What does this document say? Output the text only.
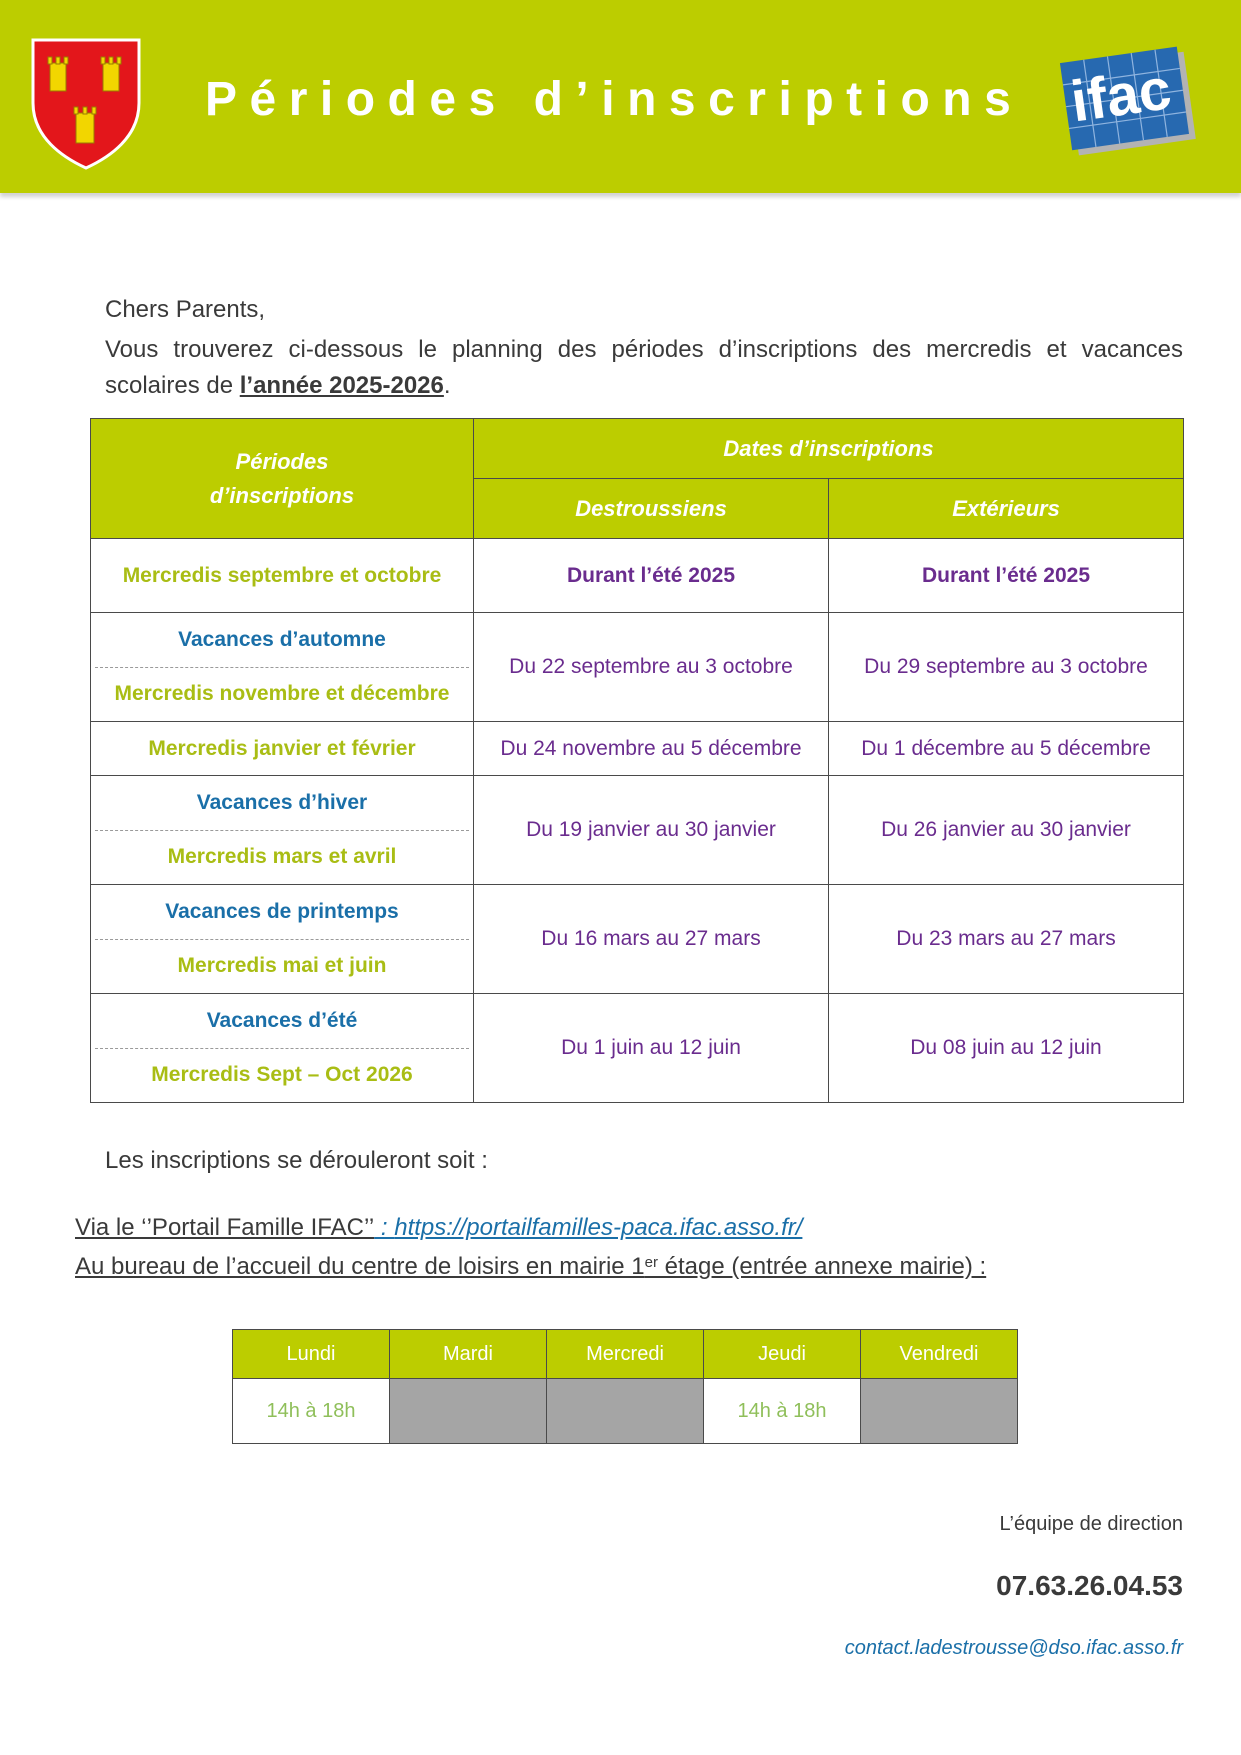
Périodes d’inscriptions ifac
Chers Parents,
Vous trouverez ci-dessous le planning des périodes d’inscriptions des mercredis et vacances scolaires de l’année 2025-2026.
Périodes
d’inscriptions	Dates d’inscriptions	
	Destroussiens	Extérieurs
Mercredis septembre et octobre	Durant l’été 2025	Durant l’été 2025

Vacances d’automne
Mercredis novembre et décembre	Du 22 septembre au 3 octobre	Du 29 septembre au 3 octobre
Mercredis janvier et février	Du 24 novembre au 5 décembre	Du 1 décembre au 5 décembre

Vacances d’hiver
Mercredis mars et avril	Du 19 janvier au 30 janvier	Du 26 janvier au 30 janvier

Vacances de printemps
Mercredis mai et juin	Du 16 mars au 27 mars	Du 23 mars au 27 mars

Vacances d’été
Mercredis Sept – Oct 2026	Du 1 juin au 12 juin	Du 08 juin au 12 juin
Les inscriptions se dérouleront soit :
Via le ‘’Portail Famille IFAC’’ : https://portailfamilles-paca.ifac.asso.fr/
Au bureau de l’accueil du centre de loisirs en mairie 1er étage (entrée annexe mairie) :
Lundi	Mardi	Mercredi	Jeudi	Vendredi
14h à 18h			14h à 18h	
L’équipe de direction
07.63.26.04.53
contact.ladestrousse@dso.ifac.asso.fr
